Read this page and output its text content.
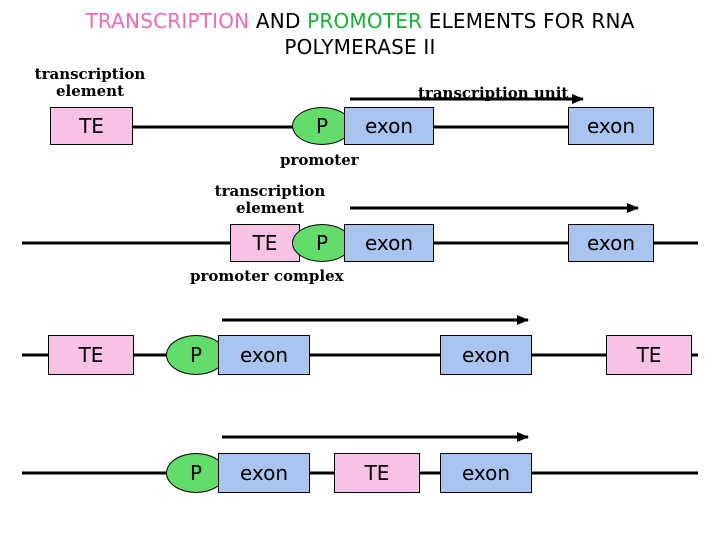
TRANSCRIPTION AND PROMOTER ELEMENTS FOR RNA
POLYMERASE II
transcription element	transcription unit
TE	P	exon	exon
promoter
transcription element
TE	P	exon	exon
promoter complex
TE	P	exon	exon	TE
P	exon	TE	exon
